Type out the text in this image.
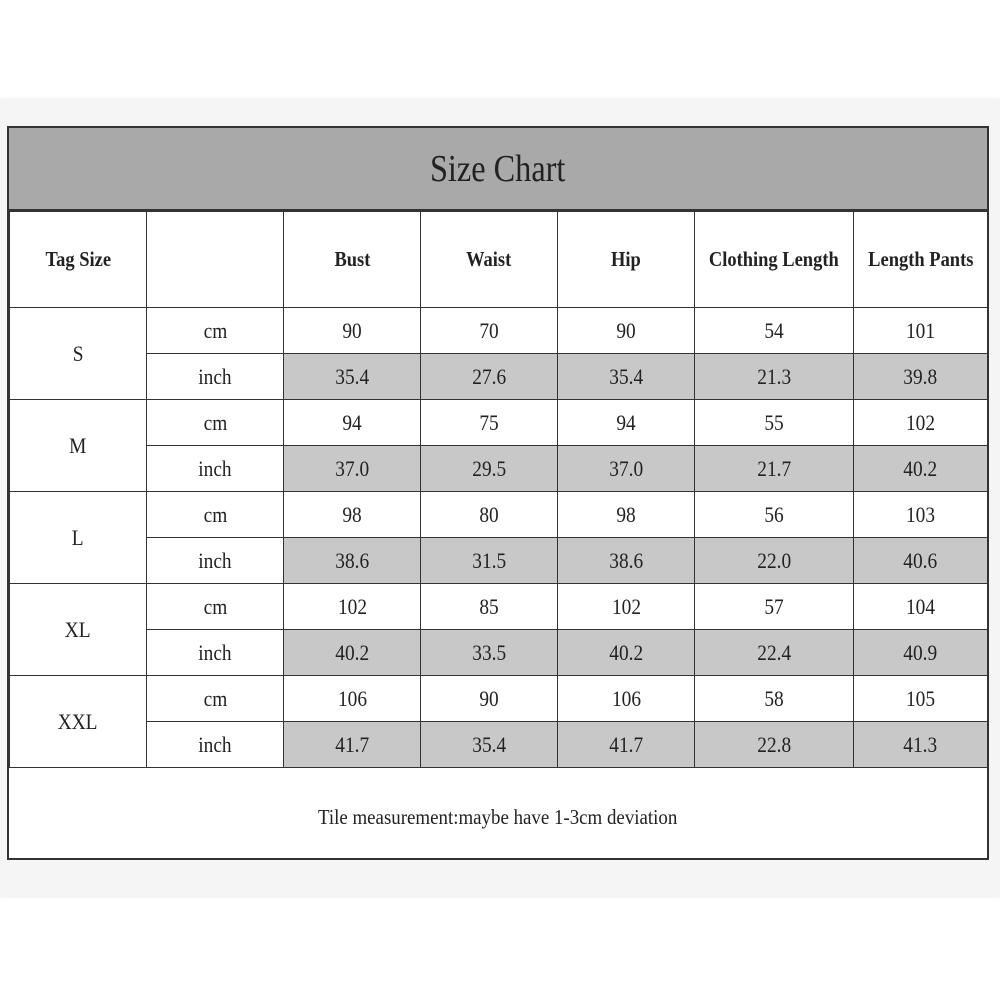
Size Chart
Tag Size		Bust	Waist	Hip	Clothing Length	Length Pants
S	cm	90	70	90	54	101
	inch	35.4	27.6	35.4	21.3	39.8
M	cm	94	75	94	55	102
	inch	37.0	29.5	37.0	21.7	40.2
L	cm	98	80	98	56	103
	inch	38.6	31.5	38.6	22.0	40.6
XL	cm	102	85	102	57	104
	inch	40.2	33.5	40.2	22.4	40.9
XXL	cm	106	90	106	58	105
	inch	41.7	35.4	41.7	22.8	41.3
Tile measurement:maybe have 1-3cm deviation
